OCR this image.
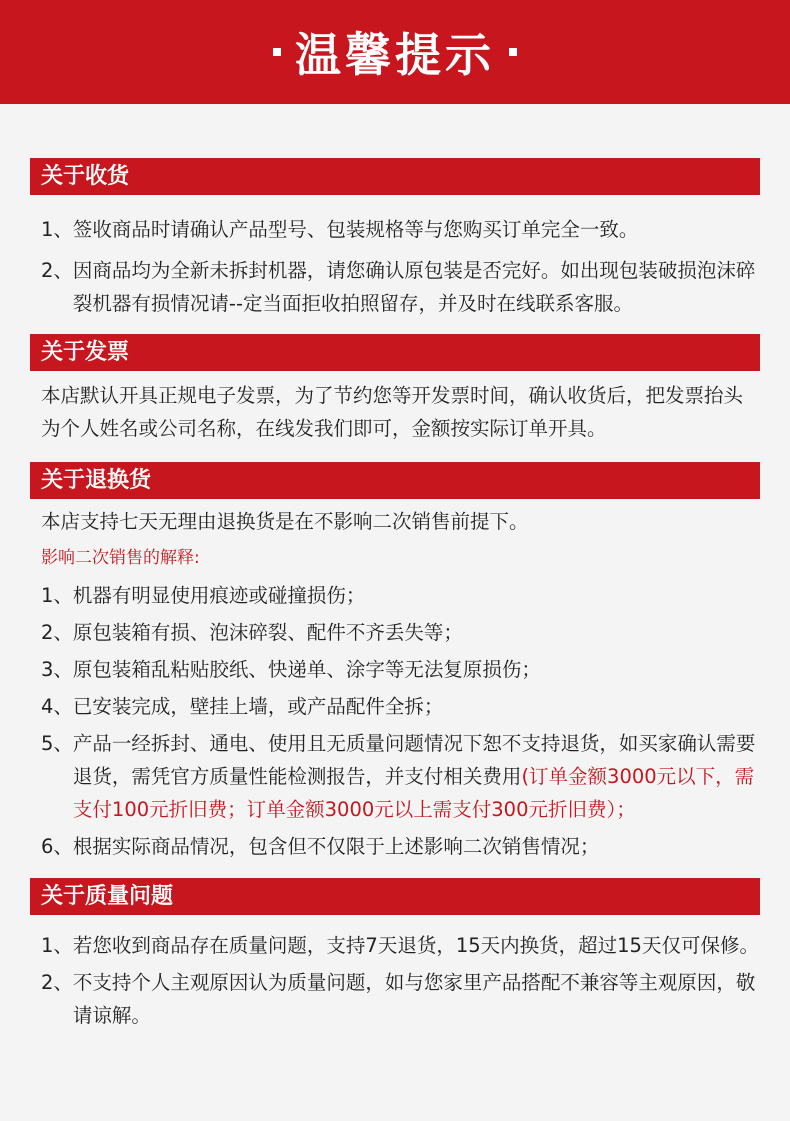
温馨提示
关于收货
1、 签收商品时请确认产品型号、包装规格等与您购买订单完全一致。
2、 因商品均为全新未拆封机器，请您确认原包装是否完好。如出现包装破损泡沫碎裂机器有损情况请--定当面拒收拍照留存，并及时在线联系客服。
关于发票
本店默认开具正规电子发票，为了节约您等开发票时间，确认收货后，把发票抬头为个人姓名或公司名称，在线发我们即可，金额按实际订单开具。
关于退换货
本店支持七天无理由退换货是在不影响二次销售前提下。
影响二次销售的解释:
1、 机器有明显使用痕迹或碰撞损伤；
2、 原包装箱有损、泡沫碎裂、配件不齐丢失等；
3、 原包装箱乱粘贴胶纸、快递单、涂字等无法复原损伤；
4、 已安装完成，壁挂上墙，或产品配件全拆；
5、 产品一经拆封、通电、使用且无质量问题情况下恕不支持退货，如买家确认需要退货，需凭官方质量性能检测报告，并支付相关费用(订单金额3000元以下，需支付100元折旧费；订单金额3000元以上需支付300元折旧费）；
6、 根据实际商品情况，包含但不仅限于上述影响二次销售情况；
关于质量问题
1、 若您收到商品存在质量问题，支持7天退货，15天内换货，超过15天仅可保修。
2、 不支持个人主观原因认为质量问题，如与您家里产品搭配不兼容等主观原因，敬请谅解。
